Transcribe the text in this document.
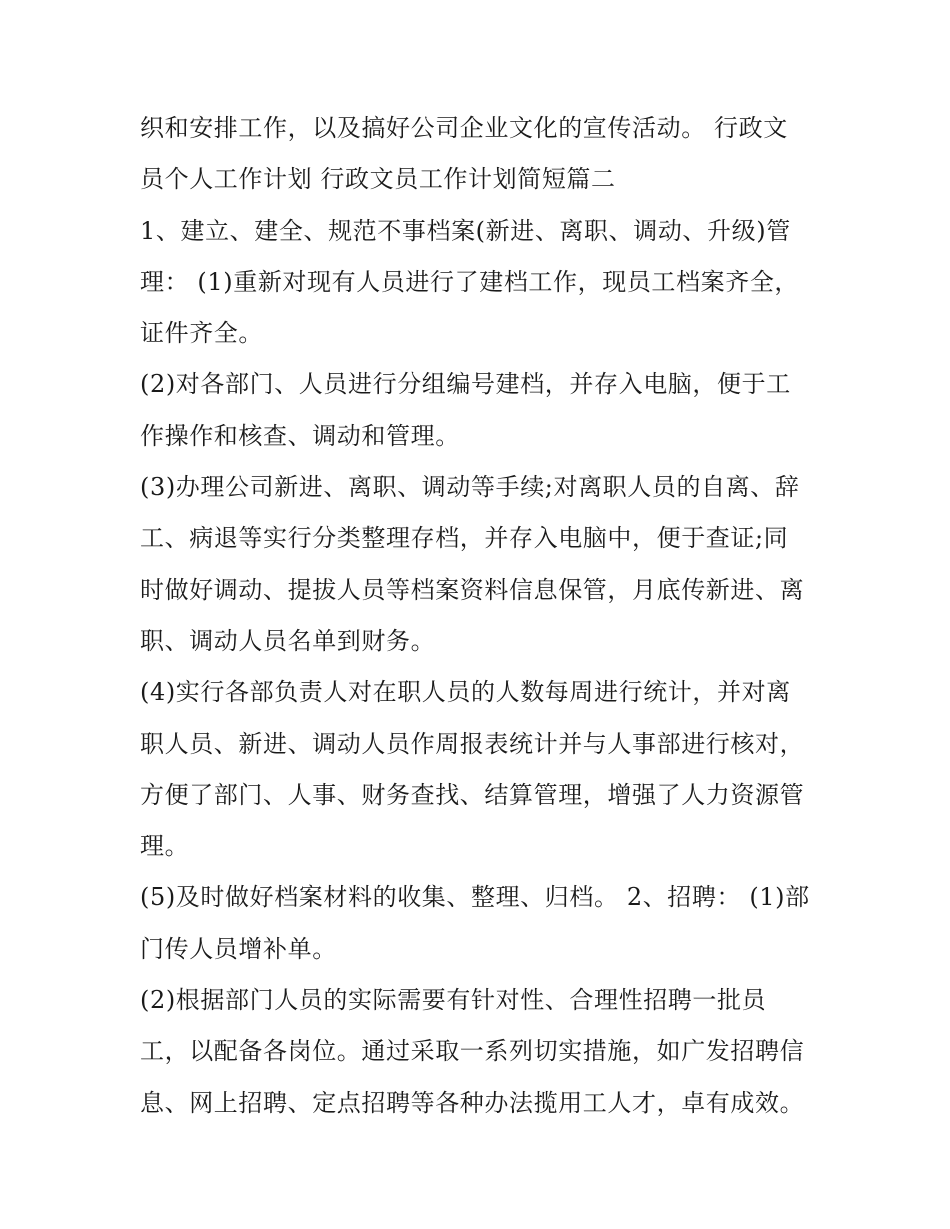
织和安排工作，以及搞好公司企业文化的宣传活动。 行政文
员个人工作计划 行政文员工作计划简短篇二
1、建立、建全、规范不事档案(新进、离职、调动、升级)管
理： (1)重新对现有人员进行了建档工作，现员工档案齐全，
证件齐全。
(2)对各部门、人员进行分组编号建档，并存入电脑，便于工
作操作和核查、调动和管理。
(3)办理公司新进、离职、调动等手续;对离职人员的自离、辞
工、病退等实行分类整理存档，并存入电脑中，便于查证;同
时做好调动、提拔人员等档案资料信息保管，月底传新进、离
职、调动人员名单到财务。
(4)实行各部负责人对在职人员的人数每周进行统计，并对离
职人员、新进、调动人员作周报表统计并与人事部进行核对，
方便了部门、人事、财务查找、结算管理，增强了人力资源管
理。
(5)及时做好档案材料的收集、整理、归档。 2、招聘： (1)部
门传人员增补单。
(2)根据部门人员的实际需要有针对性、合理性招聘一批员
工，以配备各岗位。通过采取一系列切实措施，如广发招聘信
息、网上招聘、定点招聘等各种办法揽用工人才，卓有成效。
